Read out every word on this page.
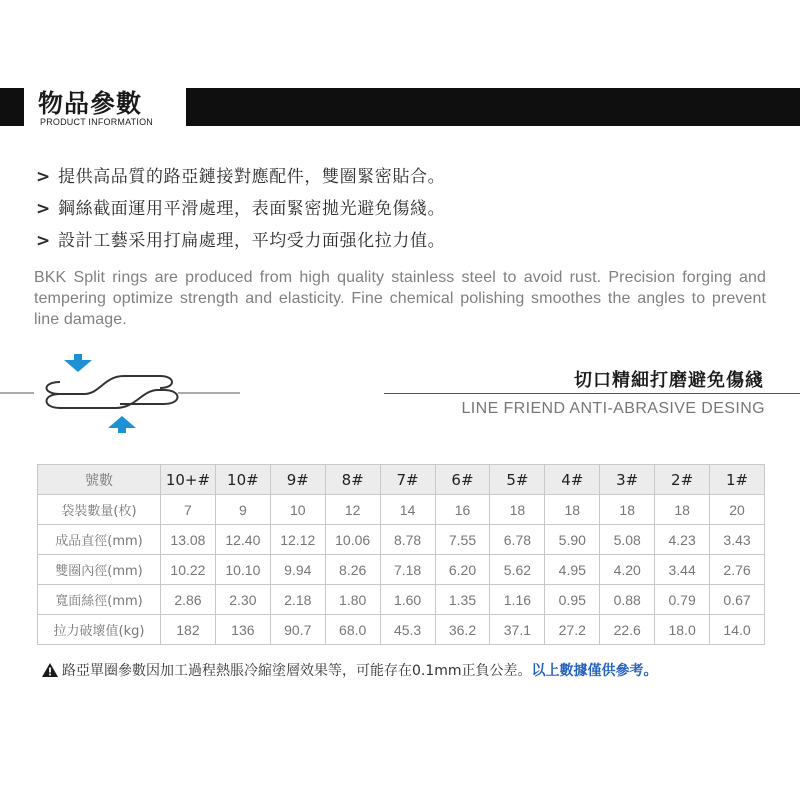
物品參數
PRODUCT INFORMATION
> 提供高品質的路亞鏈接對應配件，雙圈緊密貼合。
> 鋼絲截面運用平滑處理，表面緊密拋光避免傷綫。
> 設計工藝采用打扁處理，平均受力面强化拉力值。
BKK Split rings are produced from high quality stainless steel to avoid rust. Precision forging and tempering optimize strength and elasticity. Fine chemical polishing smoothes the angles to prevent line damage.
切口精細打磨避免傷綫
LINE FRIEND ANTI-ABRASIVE DESING
號數	10+#	10#	9#	8#	7#	6#	5#	4#	3#	2#	1#
袋裝數量(枚)	7	9	10	12	14	16	18	18	18	18	20
成品直徑(mm)	13.08	12.40	12.12	10.06	8.78	7.55	6.78	5.90	5.08	4.23	3.43
雙圈內徑(mm)	10.22	10.10	9.94	8.26	7.18	6.20	5.62	4.95	4.20	3.44	2.76
寬面絲徑(mm)	2.86	2.30	2.18	1.80	1.60	1.35	1.16	0.95	0.88	0.79	0.67
拉力破壞值(kg)	182	136	90.7	68.0	45.3	36.2	37.1	27.2	22.6	18.0	14.0
路亞單圈參數因加工過程熱脹冷縮塗層效果等，可能存在0.1mm正負公差。以上數據僅供參考。
